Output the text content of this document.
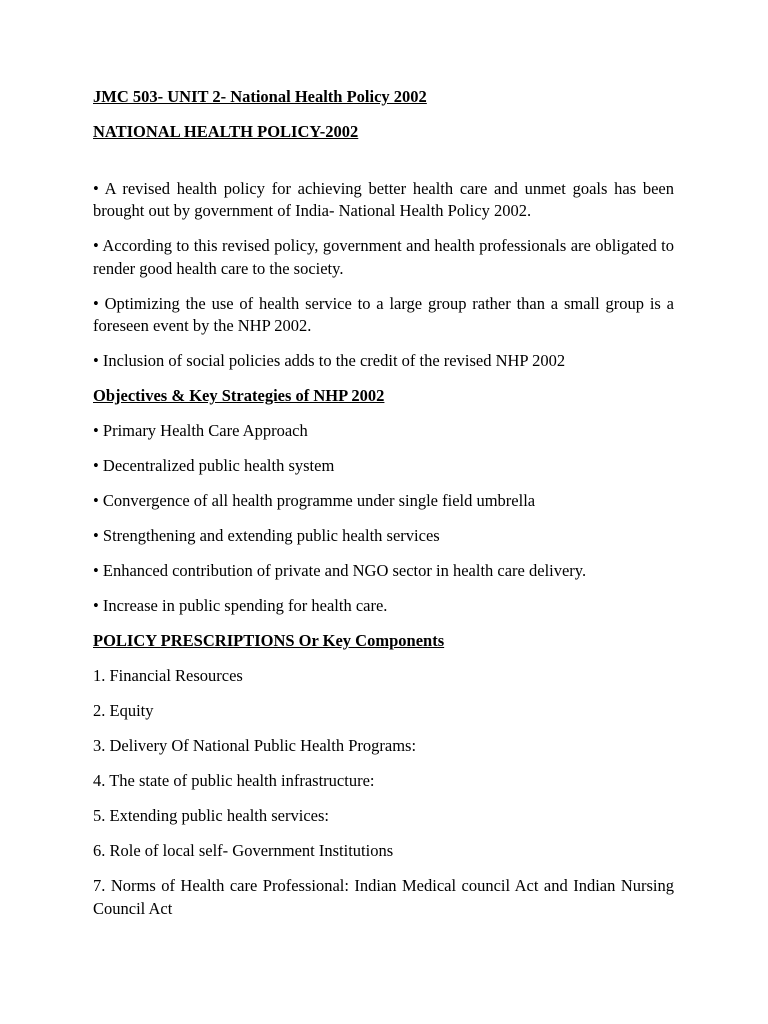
JMC 503- UNIT 2- National Health Policy 2002

NATIONAL HEALTH POLICY-2002

• A revised health policy for achieving better health care and unmet goals has been brought out by government of India- National Health Policy 2002.

• According to this revised policy, government and health professionals are obligated to render good health care to the society.

• Optimizing the use of health service to a large group rather than a small group is a foreseen event by the NHP 2002.

• Inclusion of social policies adds to the credit of the revised NHP 2002

Objectives & Key Strategies of NHP 2002

• Primary Health Care Approach

• Decentralized public health system

• Convergence of all health programme under single field umbrella

• Strengthening and extending public health services

• Enhanced contribution of private and NGO sector in health care delivery.

• Increase in public spending for health care.

POLICY PRESCRIPTIONS Or Key Components

1. Financial Resources

2. Equity

3. Delivery Of National Public Health Programs:

4. The state of public health infrastructure:

5. Extending public health services:

6. Role of local self- Government Institutions

7. Norms of Health care Professional: Indian Medical council Act and Indian Nursing Council Act
